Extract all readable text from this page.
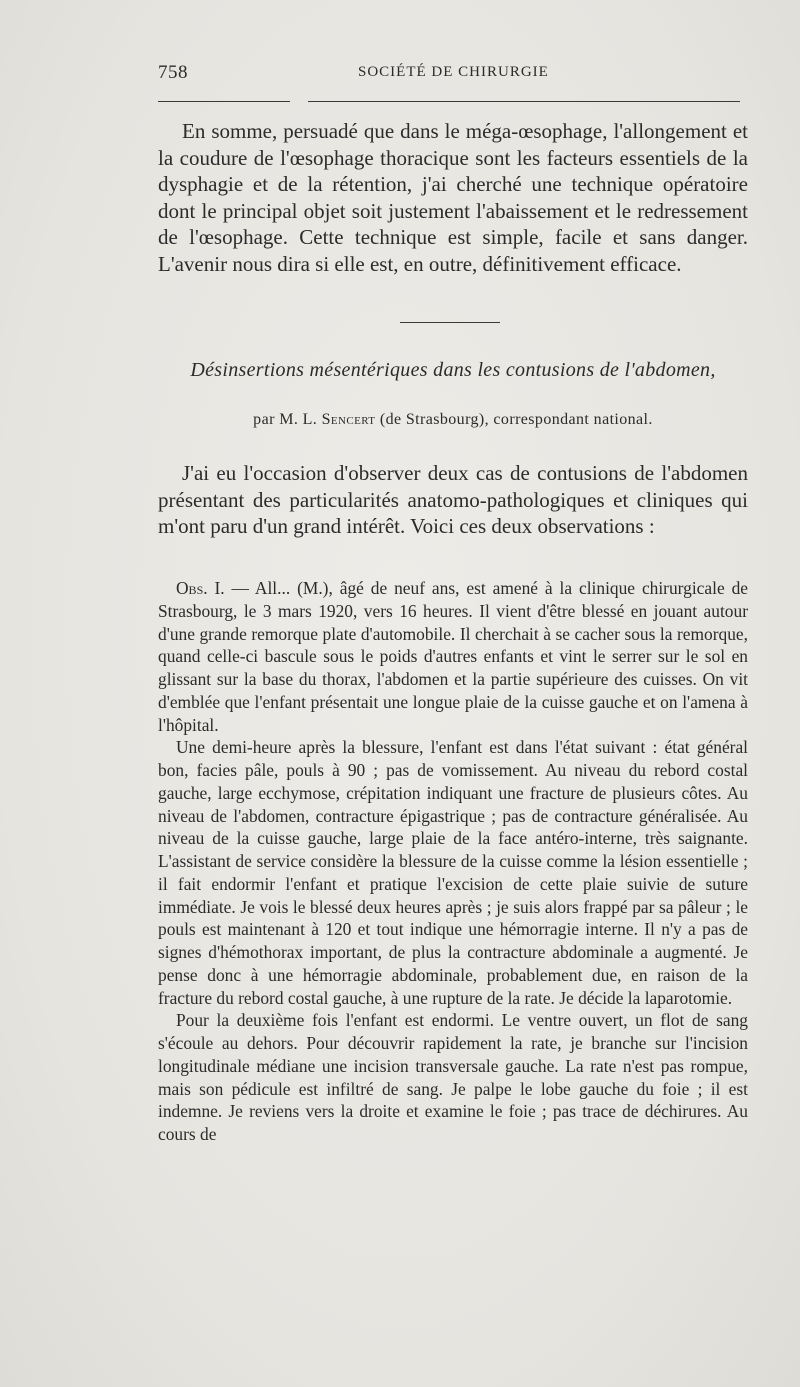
758	SOCIÉTÉ DE CHIRURGIE
En somme, persuadé que dans le méga-œsophage, l'allongement et la coudure de l'œsophage thoracique sont les facteurs essentiels de la dysphagie et de la rétention, j'ai cherché une technique opératoire dont le principal objet soit justement l'abaissement et le redressement de l'œsophage. Cette technique est simple, facile et sans danger. L'avenir nous dira si elle est, en outre, définitivement efficace.
Désinsertions mésentériques dans les contusions de l'abdomen,
par M. L. Sencert (de Strasbourg), correspondant national.
J'ai eu l'occasion d'observer deux cas de contusions de l'abdomen présentant des particularités anatomo-pathologiques et cliniques qui m'ont paru d'un grand intérêt. Voici ces deux observations :

Obs. I. — All... (M.), âgé de neuf ans, est amené à la clinique chirurgicale de Strasbourg, le 3 mars 1920, vers 16 heures. Il vient d'être blessé en jouant autour d'une grande remorque plate d'automobile. Il cherchait à se cacher sous la remorque, quand celle-ci bascule sous le poids d'autres enfants et vint le serrer sur le sol en glissant sur la base du thorax, l'abdomen et la partie supérieure des cuisses. On vit d'emblée que l'enfant présentait une longue plaie de la cuisse gauche et on l'amena à l'hôpital.

Une demi-heure après la blessure, l'enfant est dans l'état suivant : état général bon, facies pâle, pouls à 90 ; pas de vomissement. Au niveau du rebord costal gauche, large ecchymose, crépitation indiquant une fracture de plusieurs côtes. Au niveau de l'abdomen, contracture épigastrique ; pas de contracture généralisée. Au niveau de la cuisse gauche, large plaie de la face antéro-interne, très saignante. L'assistant de service considère la blessure de la cuisse comme la lésion essentielle ; il fait endormir l'enfant et pratique l'excision de cette plaie suivie de suture immédiate. Je vois le blessé deux heures après ; je suis alors frappé par sa pâleur ; le pouls est maintenant à 120 et tout indique une hémorragie interne. Il n'y a pas de signes d'hémothorax important, de plus la contracture abdominale a augmenté. Je pense donc à une hémorragie abdominale, probablement due, en raison de la fracture du rebord costal gauche, à une rupture de la rate. Je décide la laparotomie.

Pour la deuxième fois l'enfant est endormi. Le ventre ouvert, un flot de sang s'écoule au dehors. Pour découvrir rapidement la rate, je branche sur l'incision longitudinale médiane une incision transversale gauche. La rate n'est pas rompue, mais son pédicule est infiltré de sang. Je palpe le lobe gauche du foie ; il est indemne. Je reviens vers la droite et examine le foie ; pas trace de déchirures. Au cours de
